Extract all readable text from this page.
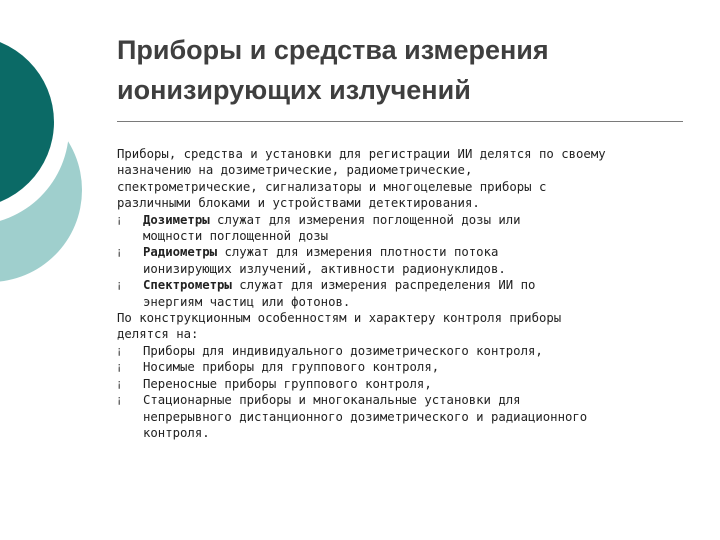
Приборы и средства измерения
ионизирующих излучений
Приборы, средства и установки для регистрации ИИ делятся по своему
назначению на дозиметрические, радиометрические,
спектрометрические, сигнализаторы и многоцелевые приборы с
различными блоками и устройствами детектирования.
¡	Дозиметры служат для измерения поглощенной дозы или
мощности поглощенной дозы
¡	Радиометры служат для измерения плотности потока
ионизирующих излучений, активности радионуклидов.
¡	Спектрометры служат для измерения распределения ИИ по
энергиям частиц или фотонов.
По конструкционным особенностям и характеру контроля приборы
делятся на:
¡	Приборы для индивидуального дозиметрического контроля,
¡	Носимые приборы для группового контроля,
¡	Переносные приборы группового контроля,
¡	Стационарные приборы и многоканальные установки для
непрерывного дистанционного дозиметрического и радиационного
контроля.
